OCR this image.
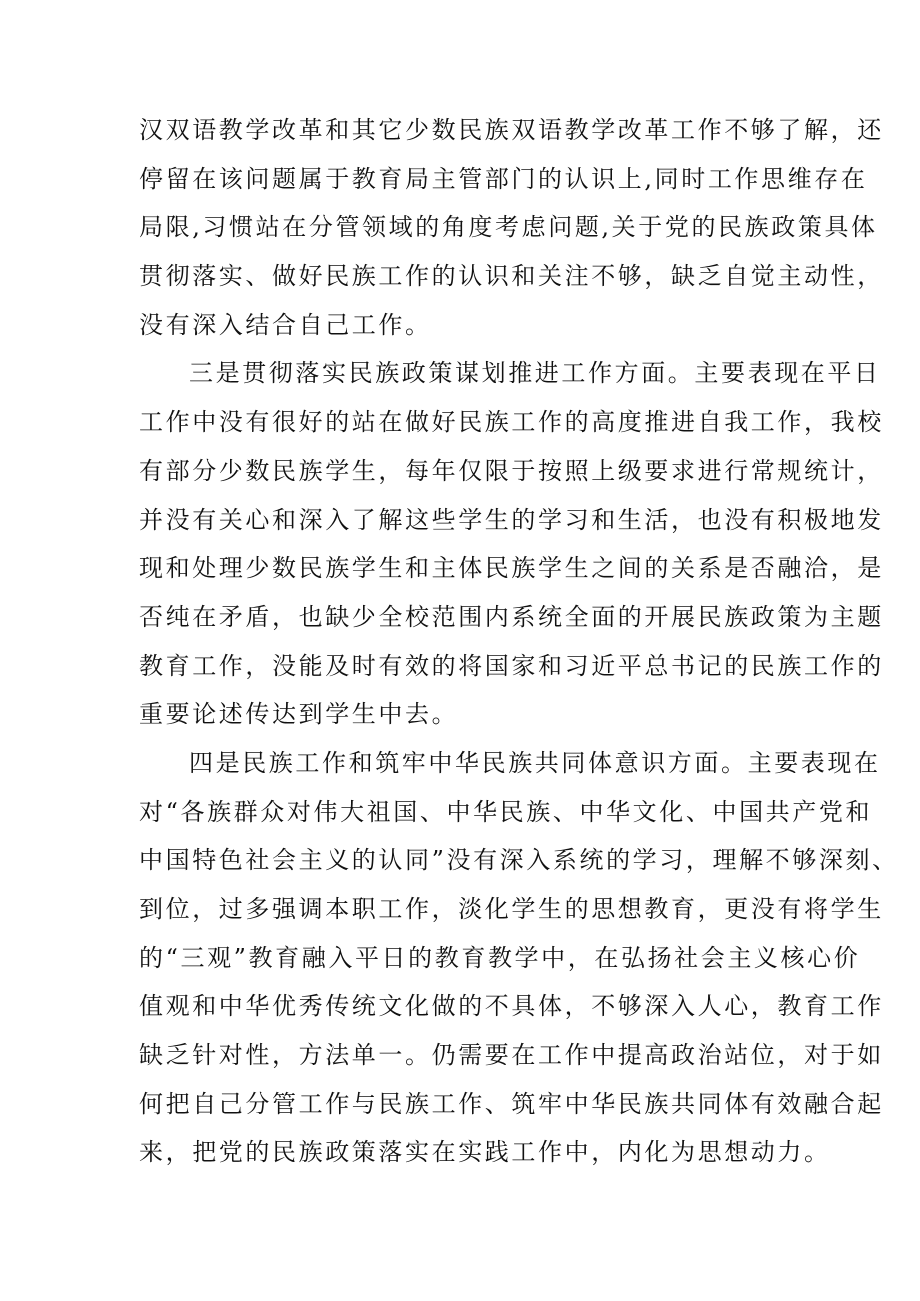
汉双语教学改革和其它少数民族双语教学改革工作不够了解，还
停留在该问题属于教育局主管部门的认识上,同时工作思维存在
局限,习惯站在分管领域的角度考虑问题,关于党的民族政策具体
贯彻落实、做好民族工作的认识和关注不够，缺乏自觉主动性，
没有深入结合自己工作。
三是贯彻落实民族政策谋划推进工作方面。主要表现在平日
工作中没有很好的站在做好民族工作的高度推进自我工作，我校
有部分少数民族学生，每年仅限于按照上级要求进行常规统计，
并没有关心和深入了解这些学生的学习和生活，也没有积极地发
现和处理少数民族学生和主体民族学生之间的关系是否融洽，是
否纯在矛盾，也缺少全校范围内系统全面的开展民族政策为主题
教育工作，没能及时有效的将国家和习近平总书记的民族工作的
重要论述传达到学生中去。
四是民族工作和筑牢中华民族共同体意识方面。主要表现在
对“各族群众对伟大祖国、中华民族、中华文化、中国共产党和
中国特色社会主义的认同”没有深入系统的学习，理解不够深刻、
到位，过多强调本职工作，淡化学生的思想教育，更没有将学生
的“三观”教育融入平日的教育教学中，在弘扬社会主义核心价
值观和中华优秀传统文化做的不具体，不够深入人心，教育工作
缺乏针对性，方法单一。仍需要在工作中提高政治站位，对于如
何把自己分管工作与民族工作、筑牢中华民族共同体有效融合起
来，把党的民族政策落实在实践工作中，内化为思想动力。
